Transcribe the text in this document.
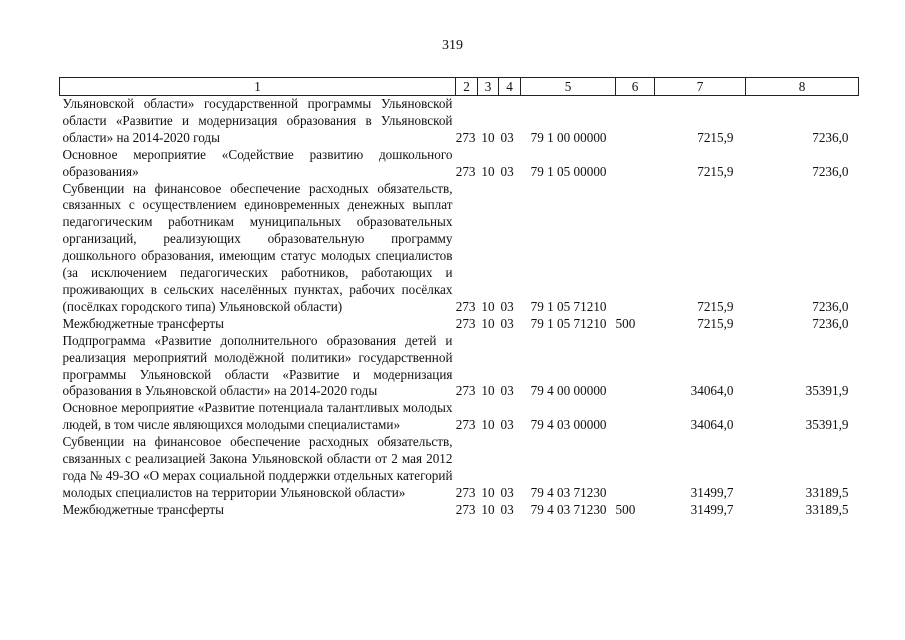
319
1	2	3	4	5	6	7	8
Ульяновской области» государственной программы Ульяновской области «Развитие и модернизация образования в Ульяновской области» на 2014-2020 годы	273	10	03	79 1 00 00000		7215,9	7236,0
Основное мероприятие «Содействие развитию дошкольного образования»	273	10	03	79 1 05 00000		7215,9	7236,0
Субвенции на финансовое обеспечение расходных обязательств, связанных с осуществлением единовременных денежных выплат педагогическим работникам муниципальных образовательных организаций, реализующих образовательную программу дошкольного образования, имеющим статус молодых специалистов (за исключением педагогических работников, работающих и проживающих в сельских населённых пунктах, рабочих посёлках (посёлках городского типа) Ульяновской области)	273	10	03	79 1 05 71210		7215,9	7236,0
Межбюджетные трансферты	273	10	03	79 1 05 71210	500	7215,9	7236,0
Подпрограмма «Развитие дополнительного образования детей и реализация мероприятий молодёжной политики» государственной программы Ульяновской области «Развитие и модернизация образования в Ульяновской области» на 2014-2020 годы	273	10	03	79 4 00 00000		34064,0	35391,9
Основное мероприятие «Развитие потенциала талантливых молодых людей, в том числе являющихся молодыми специалистами»	273	10	03	79 4 03 00000		34064,0	35391,9
Субвенции на финансовое обеспечение расходных обязательств, связанных с реализацией Закона Ульяновской области от 2 мая 2012 года № 49-ЗО «О мерах социальной поддержки отдельных категорий молодых специалистов на территории Ульяновской области»	273	10	03	79 4 03 71230		31499,7	33189,5
Межбюджетные трансферты	273	10	03	79 4 03 71230	500	31499,7	33189,5
